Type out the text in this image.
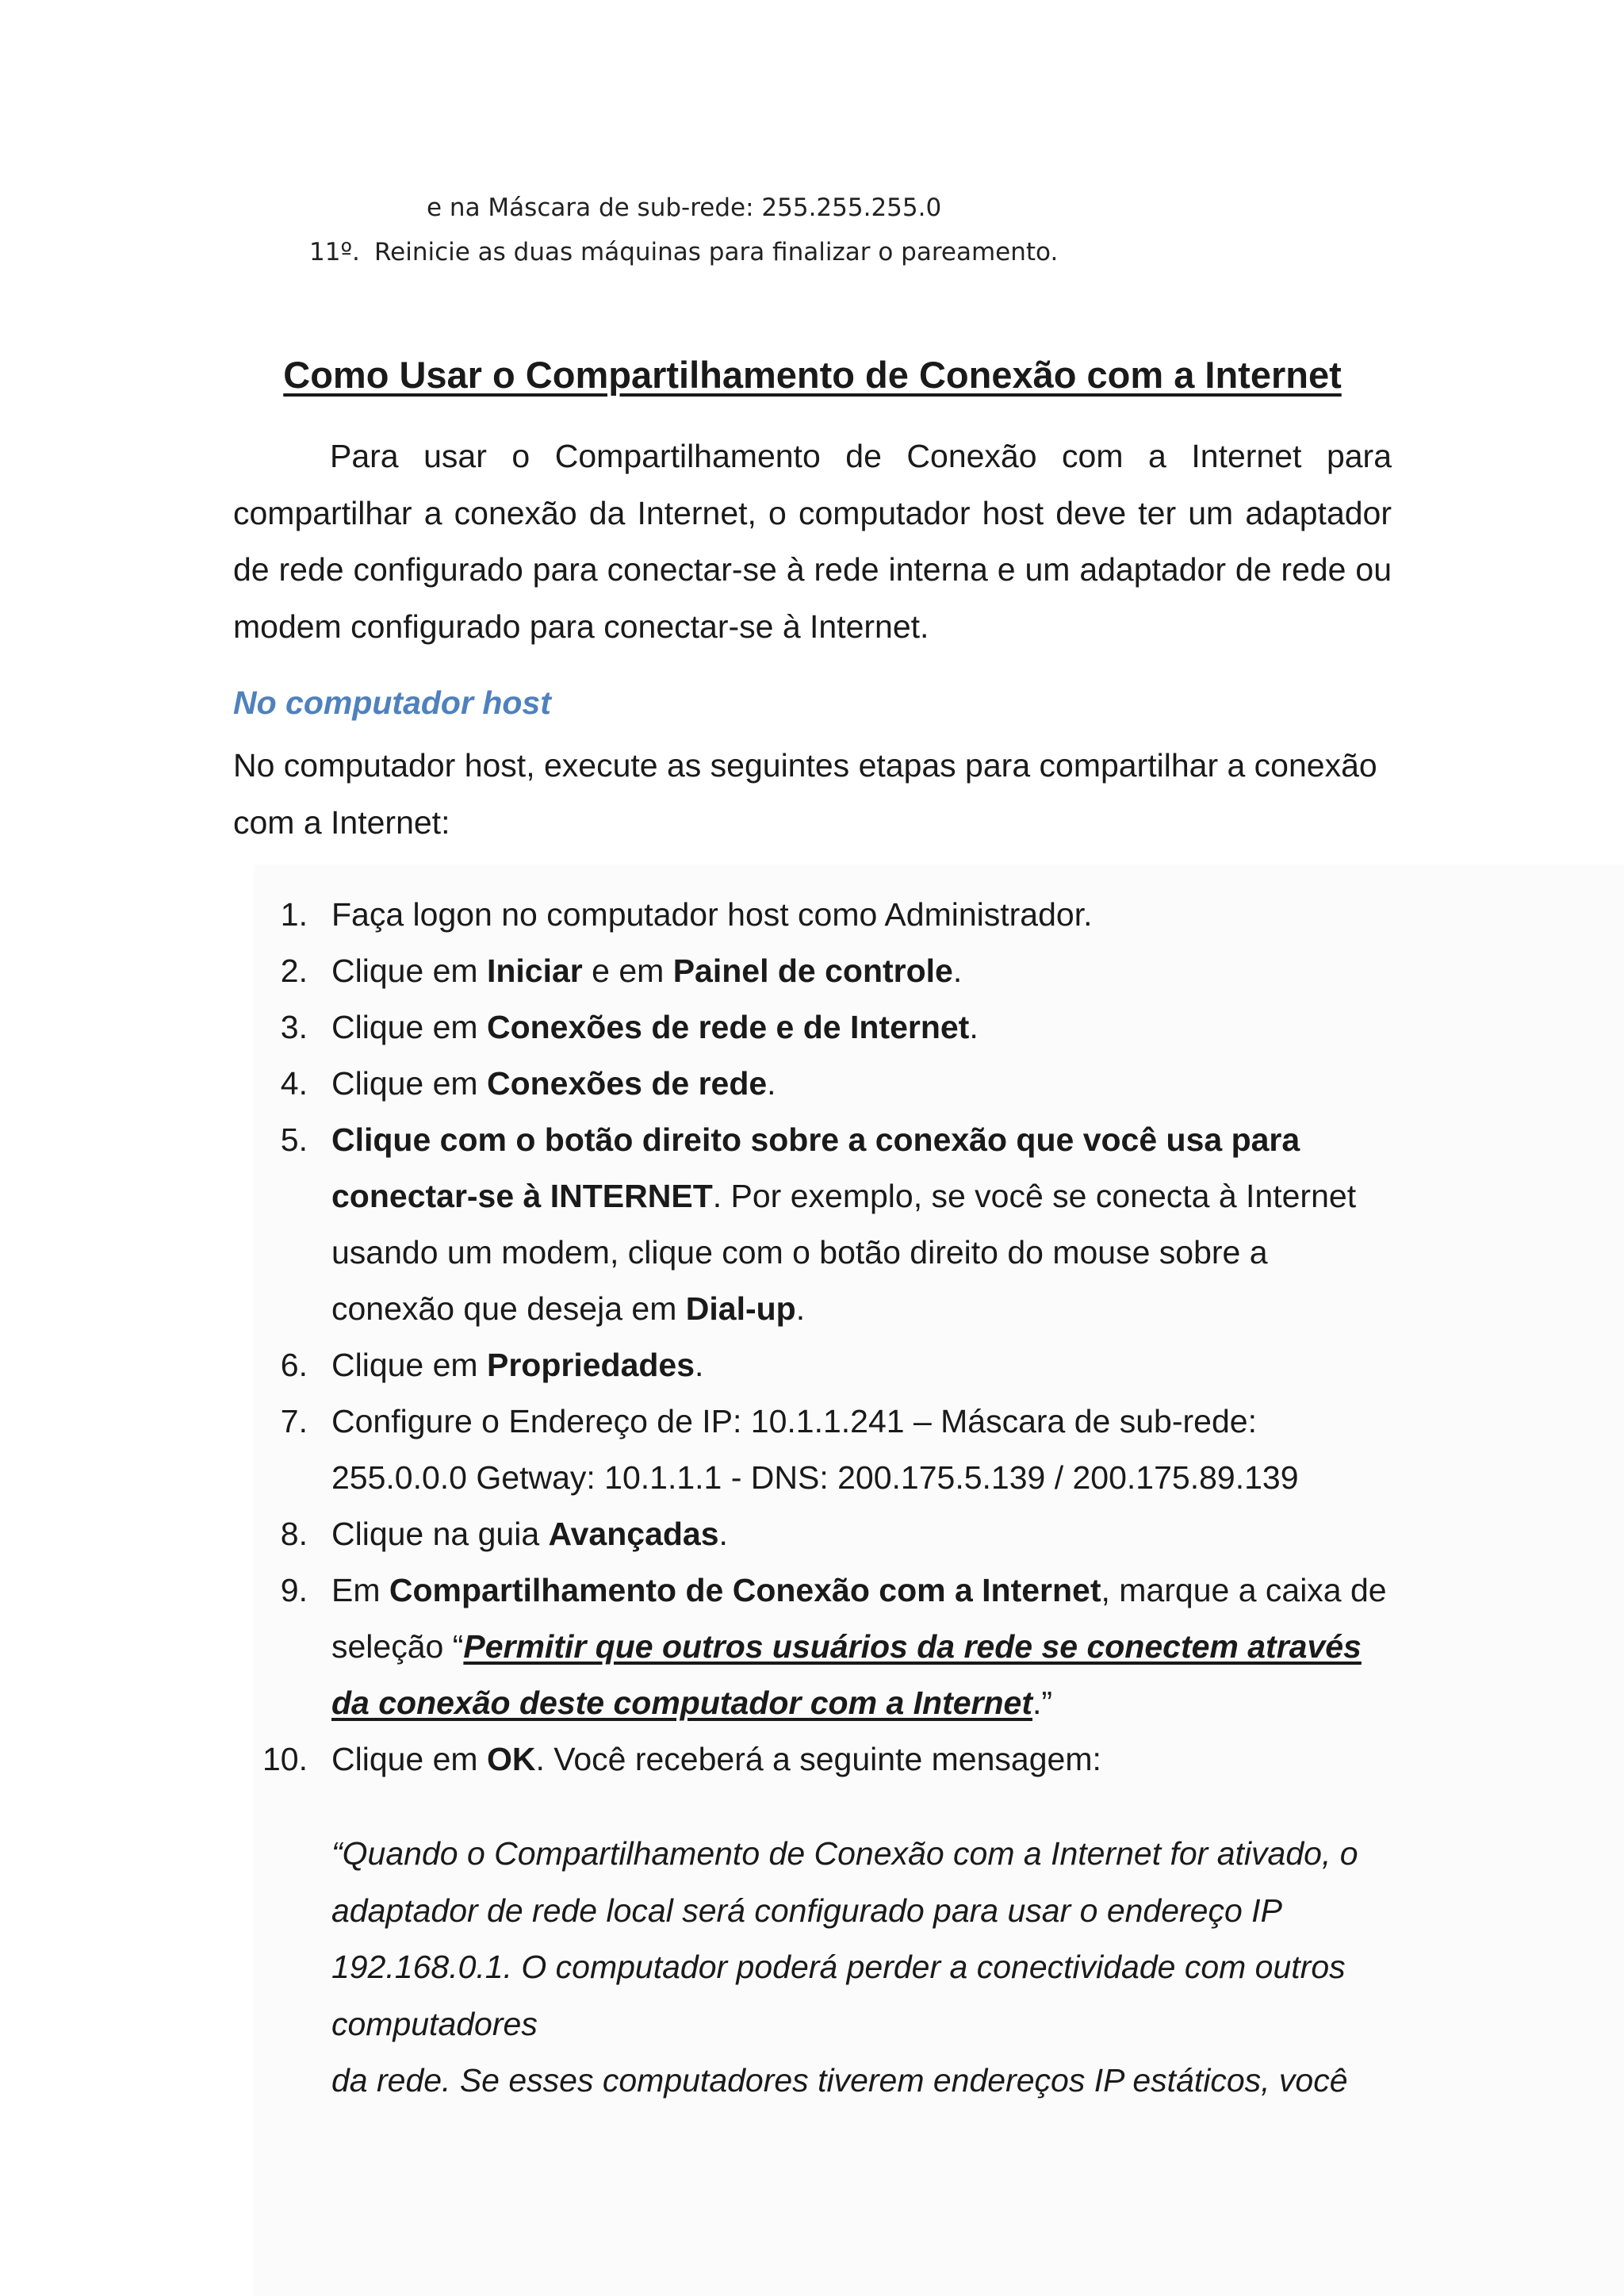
e na Máscara de sub-rede: 255.255.255.0
11º. Reinicie as duas máquinas para finalizar o pareamento.
Como Usar o Compartilhamento de Conexão com a Internet

Para usar o Compartilhamento de Conexão com a Internet para compartilhar a conexão da Internet, o computador host deve ter um adaptador de rede configurado para conectar-se à rede interna e um adaptador de rede ou modem configurado para conectar-se à Internet.

No computador host

No computador host, execute as seguintes etapas para compartilhar a conexão com a Internet:

1. Faça logon no computador host como Administrador.
2. Clique em Iniciar e em Painel de controle.
3. Clique em Conexões de rede e de Internet.
4. Clique em Conexões de rede.
5. Clique com o botão direito sobre a conexão que você usa para conectar-se à INTERNET. Por exemplo, se você se conecta à Internet usando um modem, clique com o botão direito do mouse sobre a conexão que deseja em Dial-up.
6. Clique em Propriedades.
7. Configure o Endereço de IP: 10.1.1.241 – Máscara de sub-rede: 255.0.0.0 Getway: 10.1.1.1 - DNS: 200.175.5.139 / 200.175.89.139
8. Clique na guia Avançadas.
9. Em Compartilhamento de Conexão com a Internet, marque a caixa de seleção “Permitir que outros usuários da rede se conectem através da conexão deste computador com a Internet.”
10. Clique em OK. Você receberá a seguinte mensagem:
“Quando o Compartilhamento de Conexão com a Internet for ativado, o
adaptador de rede local será configurado para usar o endereço IP
192.168.0.1. O computador poderá perder a conectividade com outros
computadores
da rede. Se esses computadores tiverem endereços IP estáticos, você
